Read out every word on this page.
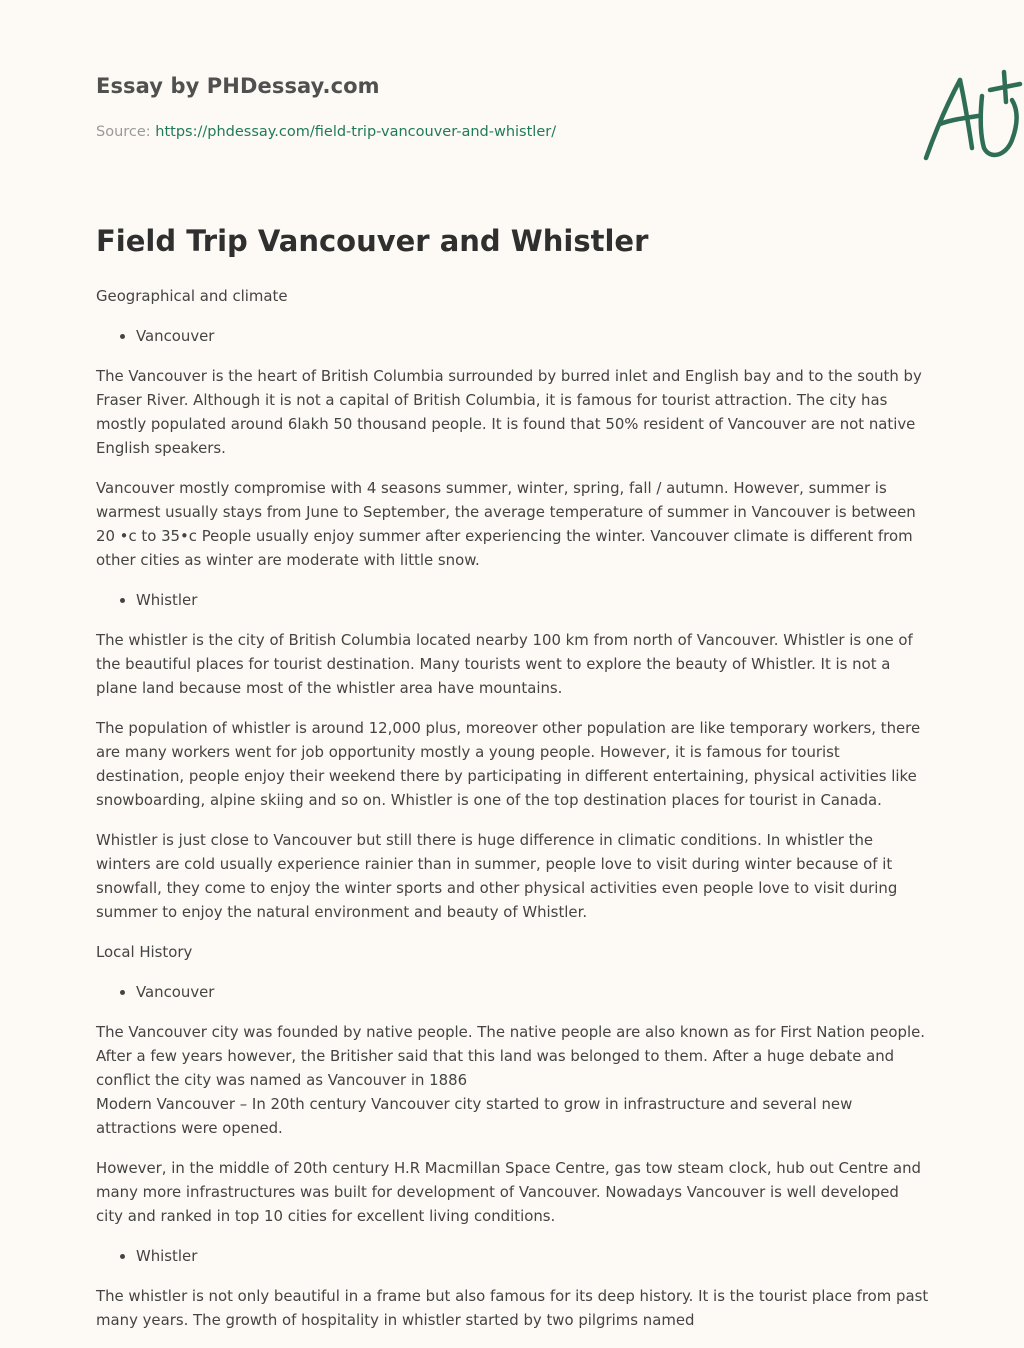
Essay by PHDessay.com
Source: https://phdessay.com/field-trip-vancouver-and-whistler/
Field Trip Vancouver and Whistler

Geographical and climate

• Vancouver

The Vancouver is the heart of British Columbia surrounded by burred inlet and English bay and to the south by Fraser River. Although it is not a capital of British Columbia, it is famous for tourist attraction. The city has mostly populated around 6lakh 50 thousand people. It is found that 50% resident of Vancouver are not native English speakers.

Vancouver mostly compromise with 4 seasons summer, winter, spring, fall / autumn. However, summer is warmest usually stays from June to September, the average temperature of summer in Vancouver is between 20 •c to 35•c People usually enjoy summer after experiencing the winter. Vancouver climate is different from other cities as winter are moderate with little snow.

• Whistler

The whistler is the city of British Columbia located nearby 100 km from north of Vancouver. Whistler is one of the beautiful places for tourist destination. Many tourists went to explore the beauty of Whistler. It is not a plane land because most of the whistler area have mountains.

The population of whistler is around 12,000 plus, moreover other population are like temporary workers, there are many workers went for job opportunity mostly a young people. However, it is famous for tourist destination, people enjoy their weekend there by participating in different entertaining, physical activities like snowboarding, alpine skiing and so on. Whistler is one of the top destination places for tourist in Canada.

Whistler is just close to Vancouver but still there is huge difference in climatic conditions. In whistler the winters are cold usually experience rainier than in summer, people love to visit during winter because of it snowfall, they come to enjoy the winter sports and other physical activities even people love to visit during summer to enjoy the natural environment and beauty of Whistler.

Local History

• Vancouver

The Vancouver city was founded by native people. The native people are also known as for First Nation people. After a few years however, the Britisher said that this land was belonged to them. After a huge debate and conflict the city was named as Vancouver in 1886
Modern Vancouver – In 20th century Vancouver city started to grow in infrastructure and several new attractions were opened.

However, in the middle of 20th century H.R Macmillan Space Centre, gas tow steam clock, hub out Centre and many more infrastructures was built for development of Vancouver. Nowadays Vancouver is well developed city and ranked in top 10 cities for excellent living conditions.

• Whistler

The whistler is not only beautiful in a frame but also famous for its deep history. It is the tourist place from past many years. The growth of hospitality in whistler started by two pilgrims named
